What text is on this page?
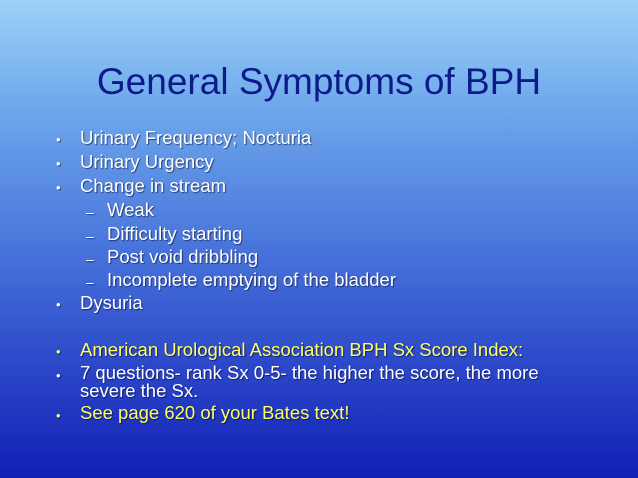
General Symptoms of BPH
• Urinary Frequency; Nocturia
• Urinary Urgency
• Change in stream
– Weak
– Difficulty starting
– Post void dribbling
– Incomplete emptying of the bladder
• Dysuria
• American Urological Association BPH Sx Score Index:
• 7 questions- rank Sx 0-5- the higher the score, the more
severe the Sx.
• See page 620 of your Bates text!
